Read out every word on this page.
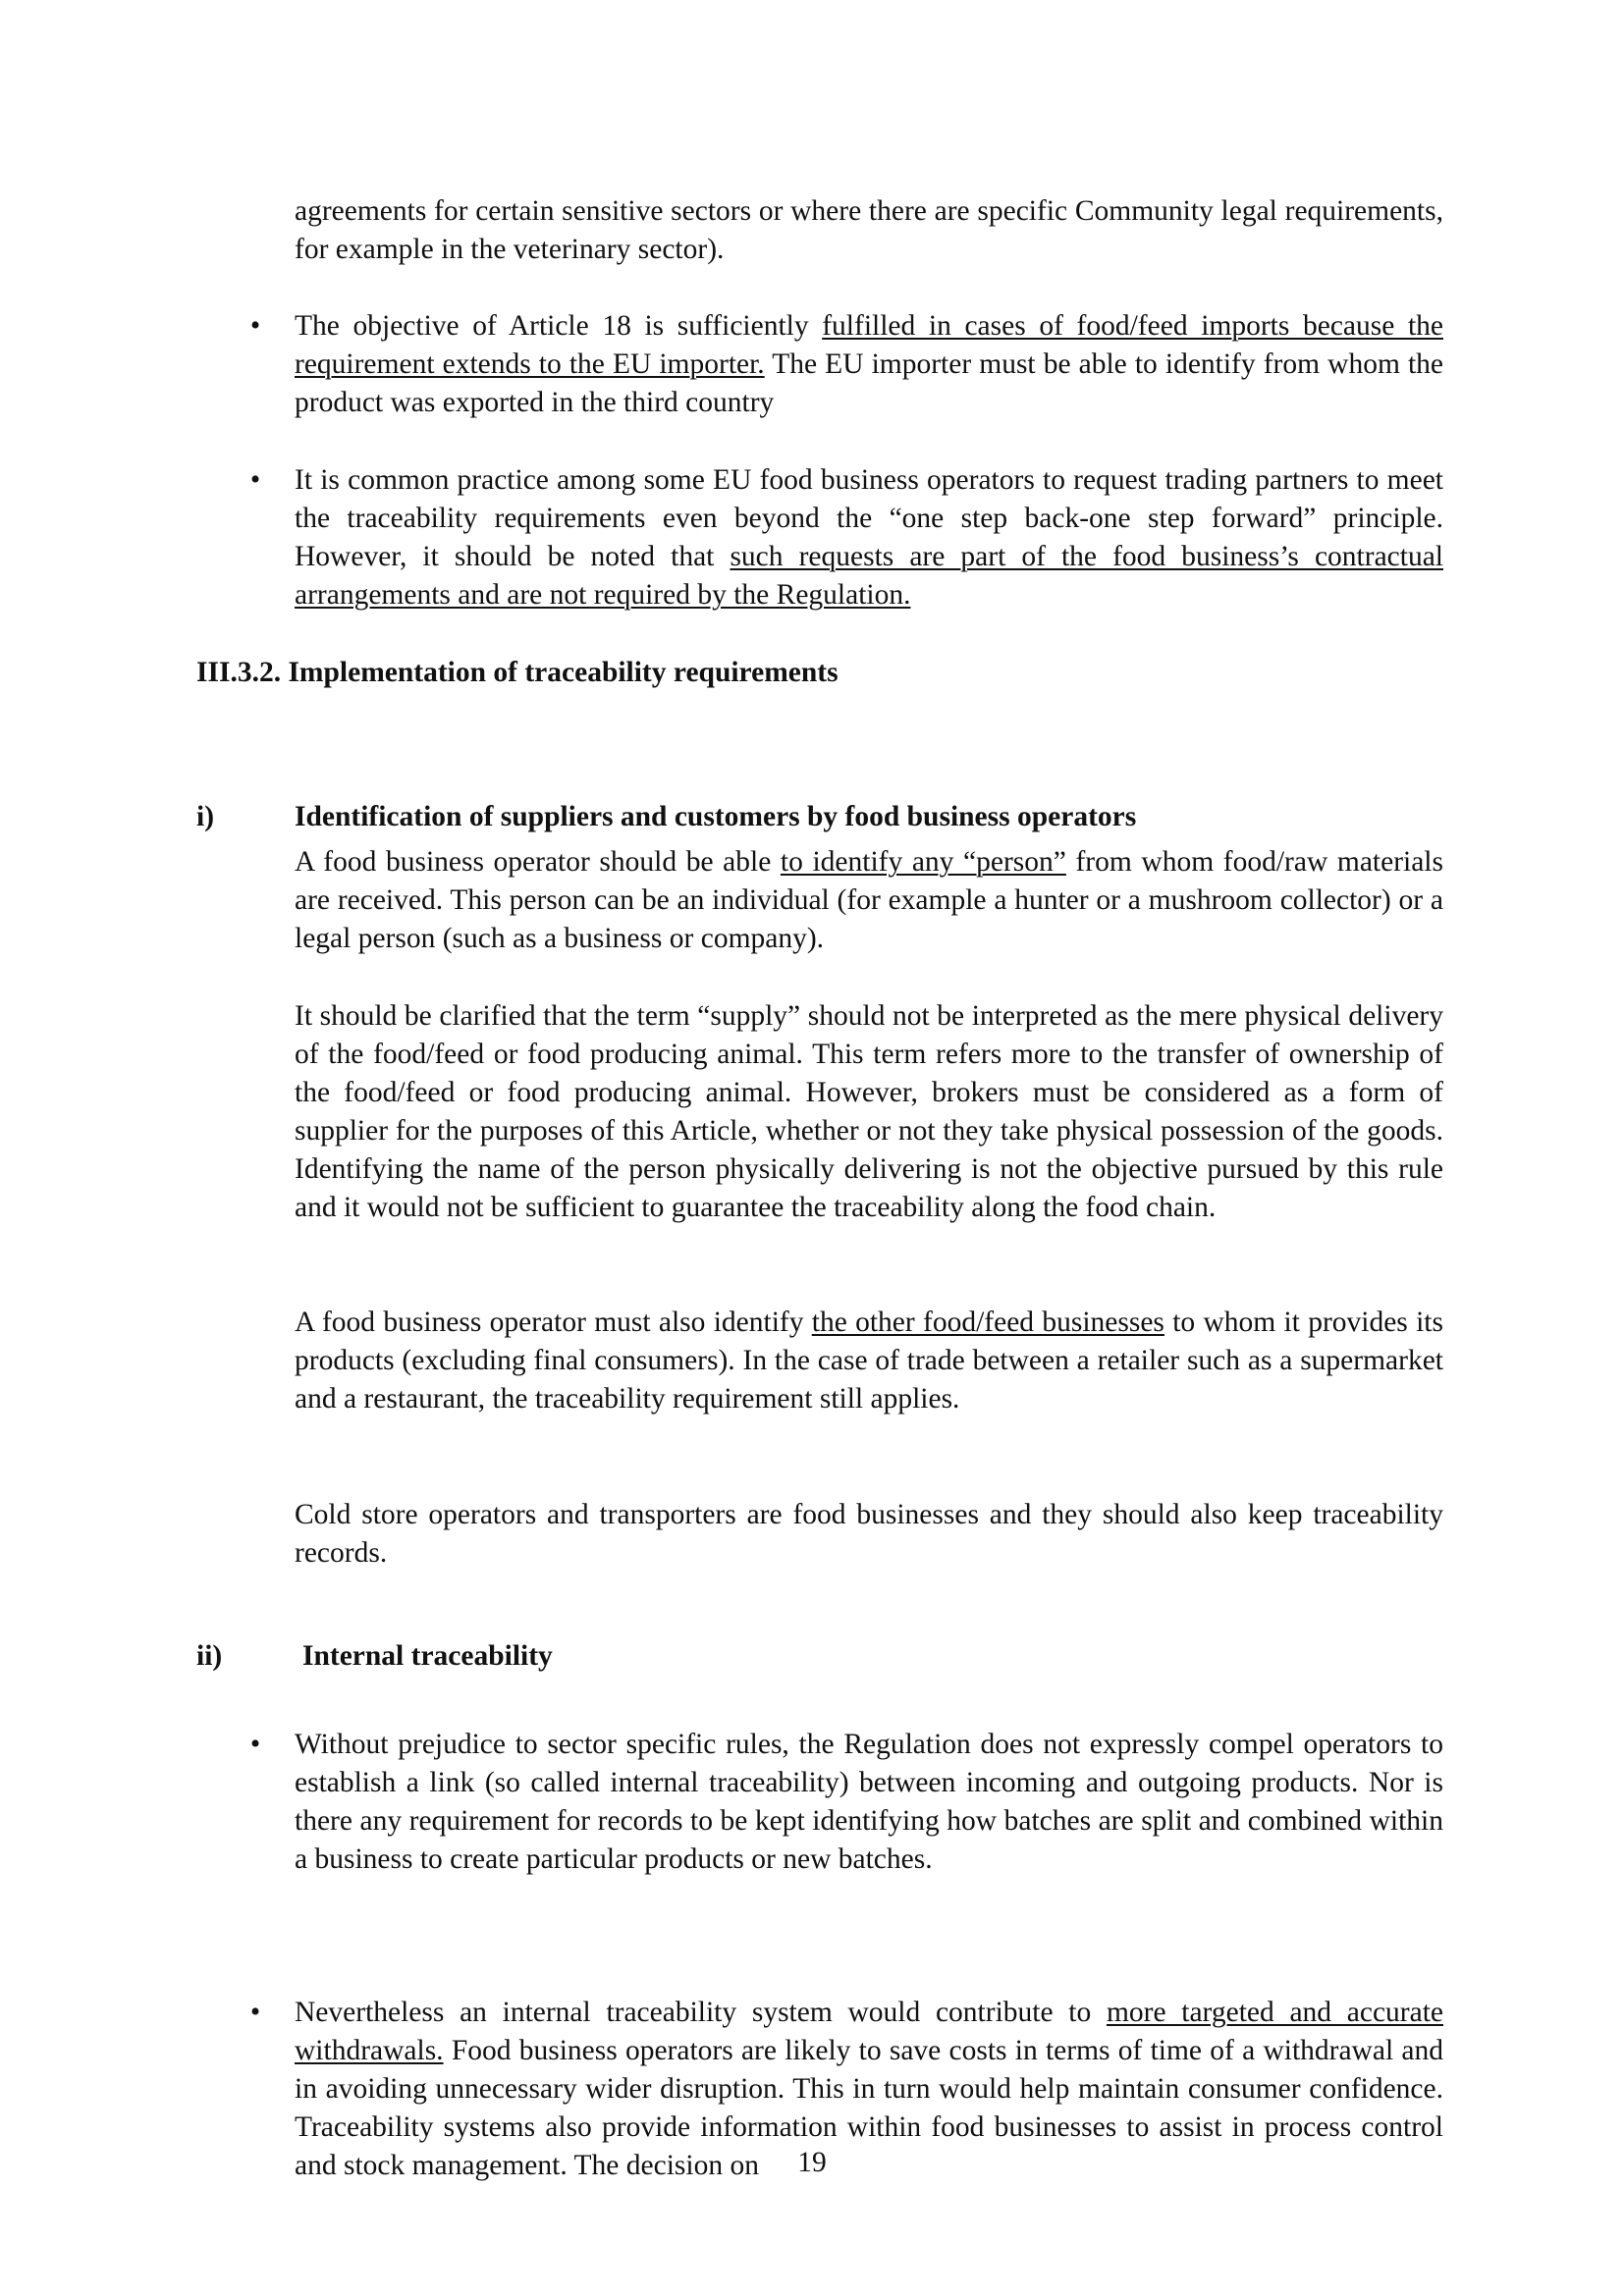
agreements for certain sensitive sectors or where there are specific Community legal requirements, for example in the veterinary sector).

• The objective of Article 18 is sufficiently fulfilled in cases of food/feed imports because the requirement extends to the EU importer. The EU importer must be able to identify from whom the product was exported in the third country

• It is common practice among some EU food business operators to request trading partners to meet the traceability requirements even beyond the “one step back-one step forward” principle. However, it should be noted that such requests are part of the food business’s contractual arrangements and are not required by the Regulation.

III.3.2. Implementation of traceability requirements

i)	Identification of suppliers and customers by food business operators

A food business operator should be able to identify any “person” from whom food/raw materials are received. This person can be an individual (for example a hunter or a mushroom collector) or a legal person (such as a business or company).

It should be clarified that the term “supply” should not be interpreted as the mere physical delivery of the food/feed or food producing animal. This term refers more to the transfer of ownership of the food/feed or food producing animal. However, brokers must be considered as a form of supplier for the purposes of this Article, whether or not they take physical possession of the goods. Identifying the name of the person physically delivering is not the objective pursued by this rule and it would not be sufficient to guarantee the traceability along the food chain.

A food business operator must also identify the other food/feed businesses to whom it provides its products (excluding final consumers). In the case of trade between a retailer such as a supermarket and a restaurant, the traceability requirement still applies.

Cold store operators and transporters are food businesses and they should also keep traceability records.

ii)	Internal traceability

• Without prejudice to sector specific rules, the Regulation does not expressly compel operators to establish a link (so called internal traceability) between incoming and outgoing products. Nor is there any requirement for records to be kept identifying how batches are split and combined within a business to create particular products or new batches.

• Nevertheless an internal traceability system would contribute to more targeted and accurate withdrawals. Food business operators are likely to save costs in terms of time of a withdrawal and in avoiding unnecessary wider disruption. This in turn would help maintain consumer confidence. Traceability systems also provide information within food businesses to assist in process control and stock management. The decision on	19
